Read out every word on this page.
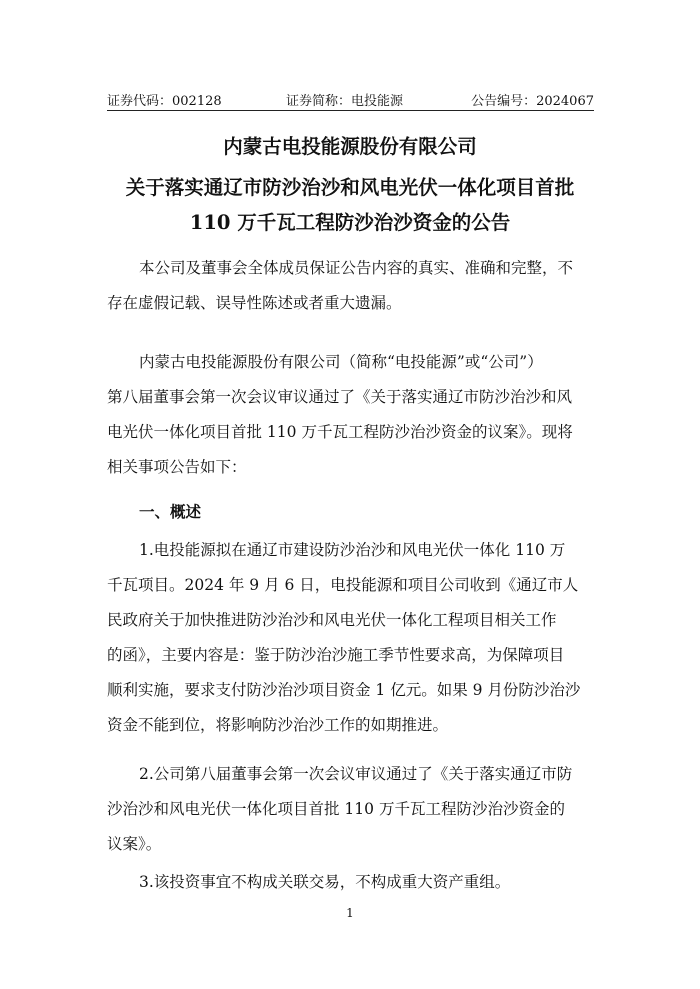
证券代码：002128	证券简称：电投能源	公告编号：2024067
内蒙古电投能源股份有限公司
关于落实通辽市防沙治沙和风电光伏一体化项目首批
110 万千瓦工程防沙治沙资金的公告
本公司及董事会全体成员保证公告内容的真实、准确和完整，不
存在虚假记载、误导性陈述或者重大遗漏。
内蒙古电投能源股份有限公司（简称“电投能源”或“公司”）
第八届董事会第一次会议审议通过了《关于落实通辽市防沙治沙和风
电光伏一体化项目首批 110 万千瓦工程防沙治沙资金的议案》。现将
相关事项公告如下：
一、概述
1.电投能源拟在通辽市建设防沙治沙和风电光伏一体化 110 万
千瓦项目。2024 年 9 月 6 日，电投能源和项目公司收到《通辽市人
民政府关于加快推进防沙治沙和风电光伏一体化工程项目相关工作
的函》，主要内容是：鉴于防沙治沙施工季节性要求高，为保障项目
顺利实施，要求支付防沙治沙项目资金 1 亿元。如果 9 月份防沙治沙
资金不能到位，将影响防沙治沙工作的如期推进。
2.公司第八届董事会第一次会议审议通过了《关于落实通辽市防
沙治沙和风电光伏一体化项目首批 110 万千瓦工程防沙治沙资金的
议案》。
3.该投资事宜不构成关联交易，不构成重大资产重组。
1
